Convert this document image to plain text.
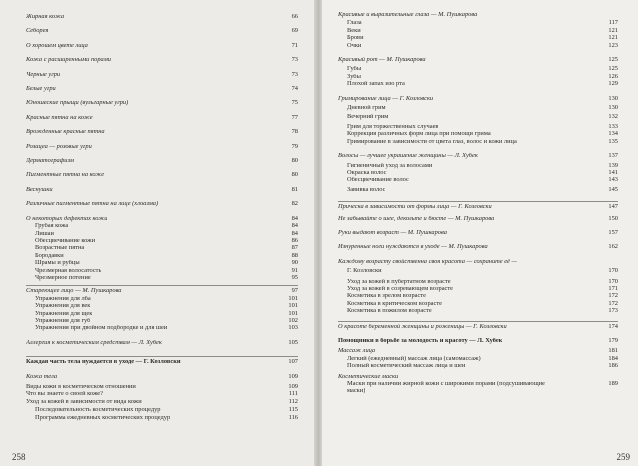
Жирная кожа	66
Себорея	69
О хорошем цвете лица	71
Кожа с расширенными порами	73
Черные угри	73
Белые угри	74
Юношеские прыщи (вульгарные угри)	75
Красные пятна на коже	77
Врожденные красные пятна	78
Розацеа — розовые угри	79
Дерматографизм	80
Пигментные пятна на коже	80
Веснушки	81
Различные пигментные пятна на лице (хлоазма)	82
О некоторых дефектах кожи	84
Грубая кожа	84
Лишаи	84
Обесцвечивание кожи	86
Возрастные пятна	87
Бородавки	88
Шрамы и рубцы	90
Чрезмерная волосатость	91
Чрезмерное потение	95
Стареющее лицо — М. Пушкарова	97
Упражнения для лба	101
Упражнения для век	101
Упражнения для щек	101
Упражнения для губ	102
Упражнения при двойном подбородке и для шеи	103
Аллергия к косметическим средствам — Л. Хубек	105
Каждая часть тела нуждается в уходе — Г. Козловски	107
Кожа тела	109
Виды кожи в косметическом отношении	109
Что вы знаете о своей коже?	111
Уход за кожей в зависимости от вида кожи	112
Последовательность косметических процедур	115
Программа ежедневных косметических процедур	116
258
Красивые и выразительные глаза — М. Пушкарова
Глаза	117
Веки	121
Брови	121
Очки	123
Красивый рот — М. Пушкарова	125
Губы	125
Зубы	126
Плохой запах изо рта	129
Гримирование лица — Г. Козловски	130
Дневной грим	130
Вечерний грим	132
Грим для торжественных случаев	133
Коррекция различных форм лица при помощи грима	134
Гримирование в зависимости от цвета глаз, волос и кожи лица	135
Волосы — лучшее украшение женщины — Л. Хубек	137
Гигиеничный уход за волосами	139
Окраска волос	141
Обесцвечивание волос	143
Завивка волос	145
Прическа в зависимости от формы лица — Г. Козловски	147
Не забывайте о шее, декольте и бюсте — М. Пушкарова	150
Руки выдают возраст — М. Пушкарова	157
Изнуренные ноги нуждаются в уходе — М. Пушкарова	162
Каждому возрасту свойственна своя красота — сохраните её —
Г. Козловски	170
Уход за кожей в пубертатном возрасте	170
Уход за кожей в созревающем возрасте	171
Косметика в зрелом возрасте	172
Косметика в критическом возрасте	172
Косметика в пожилом возрасте	173
О красоте беременной женщины и роженицы — Г. Козловски	174
Помощники в борьбе за молодость и красоту — Л. Хубек	179
Массаж лица	181
Легкий (ежедневный) массаж лица (самомассаж)	184
Полный косметический массаж лица и шеи	186
Косметические маски
Маски при наличии жирной кожи с широкими порами (подсушивающие	189
маски)
259
